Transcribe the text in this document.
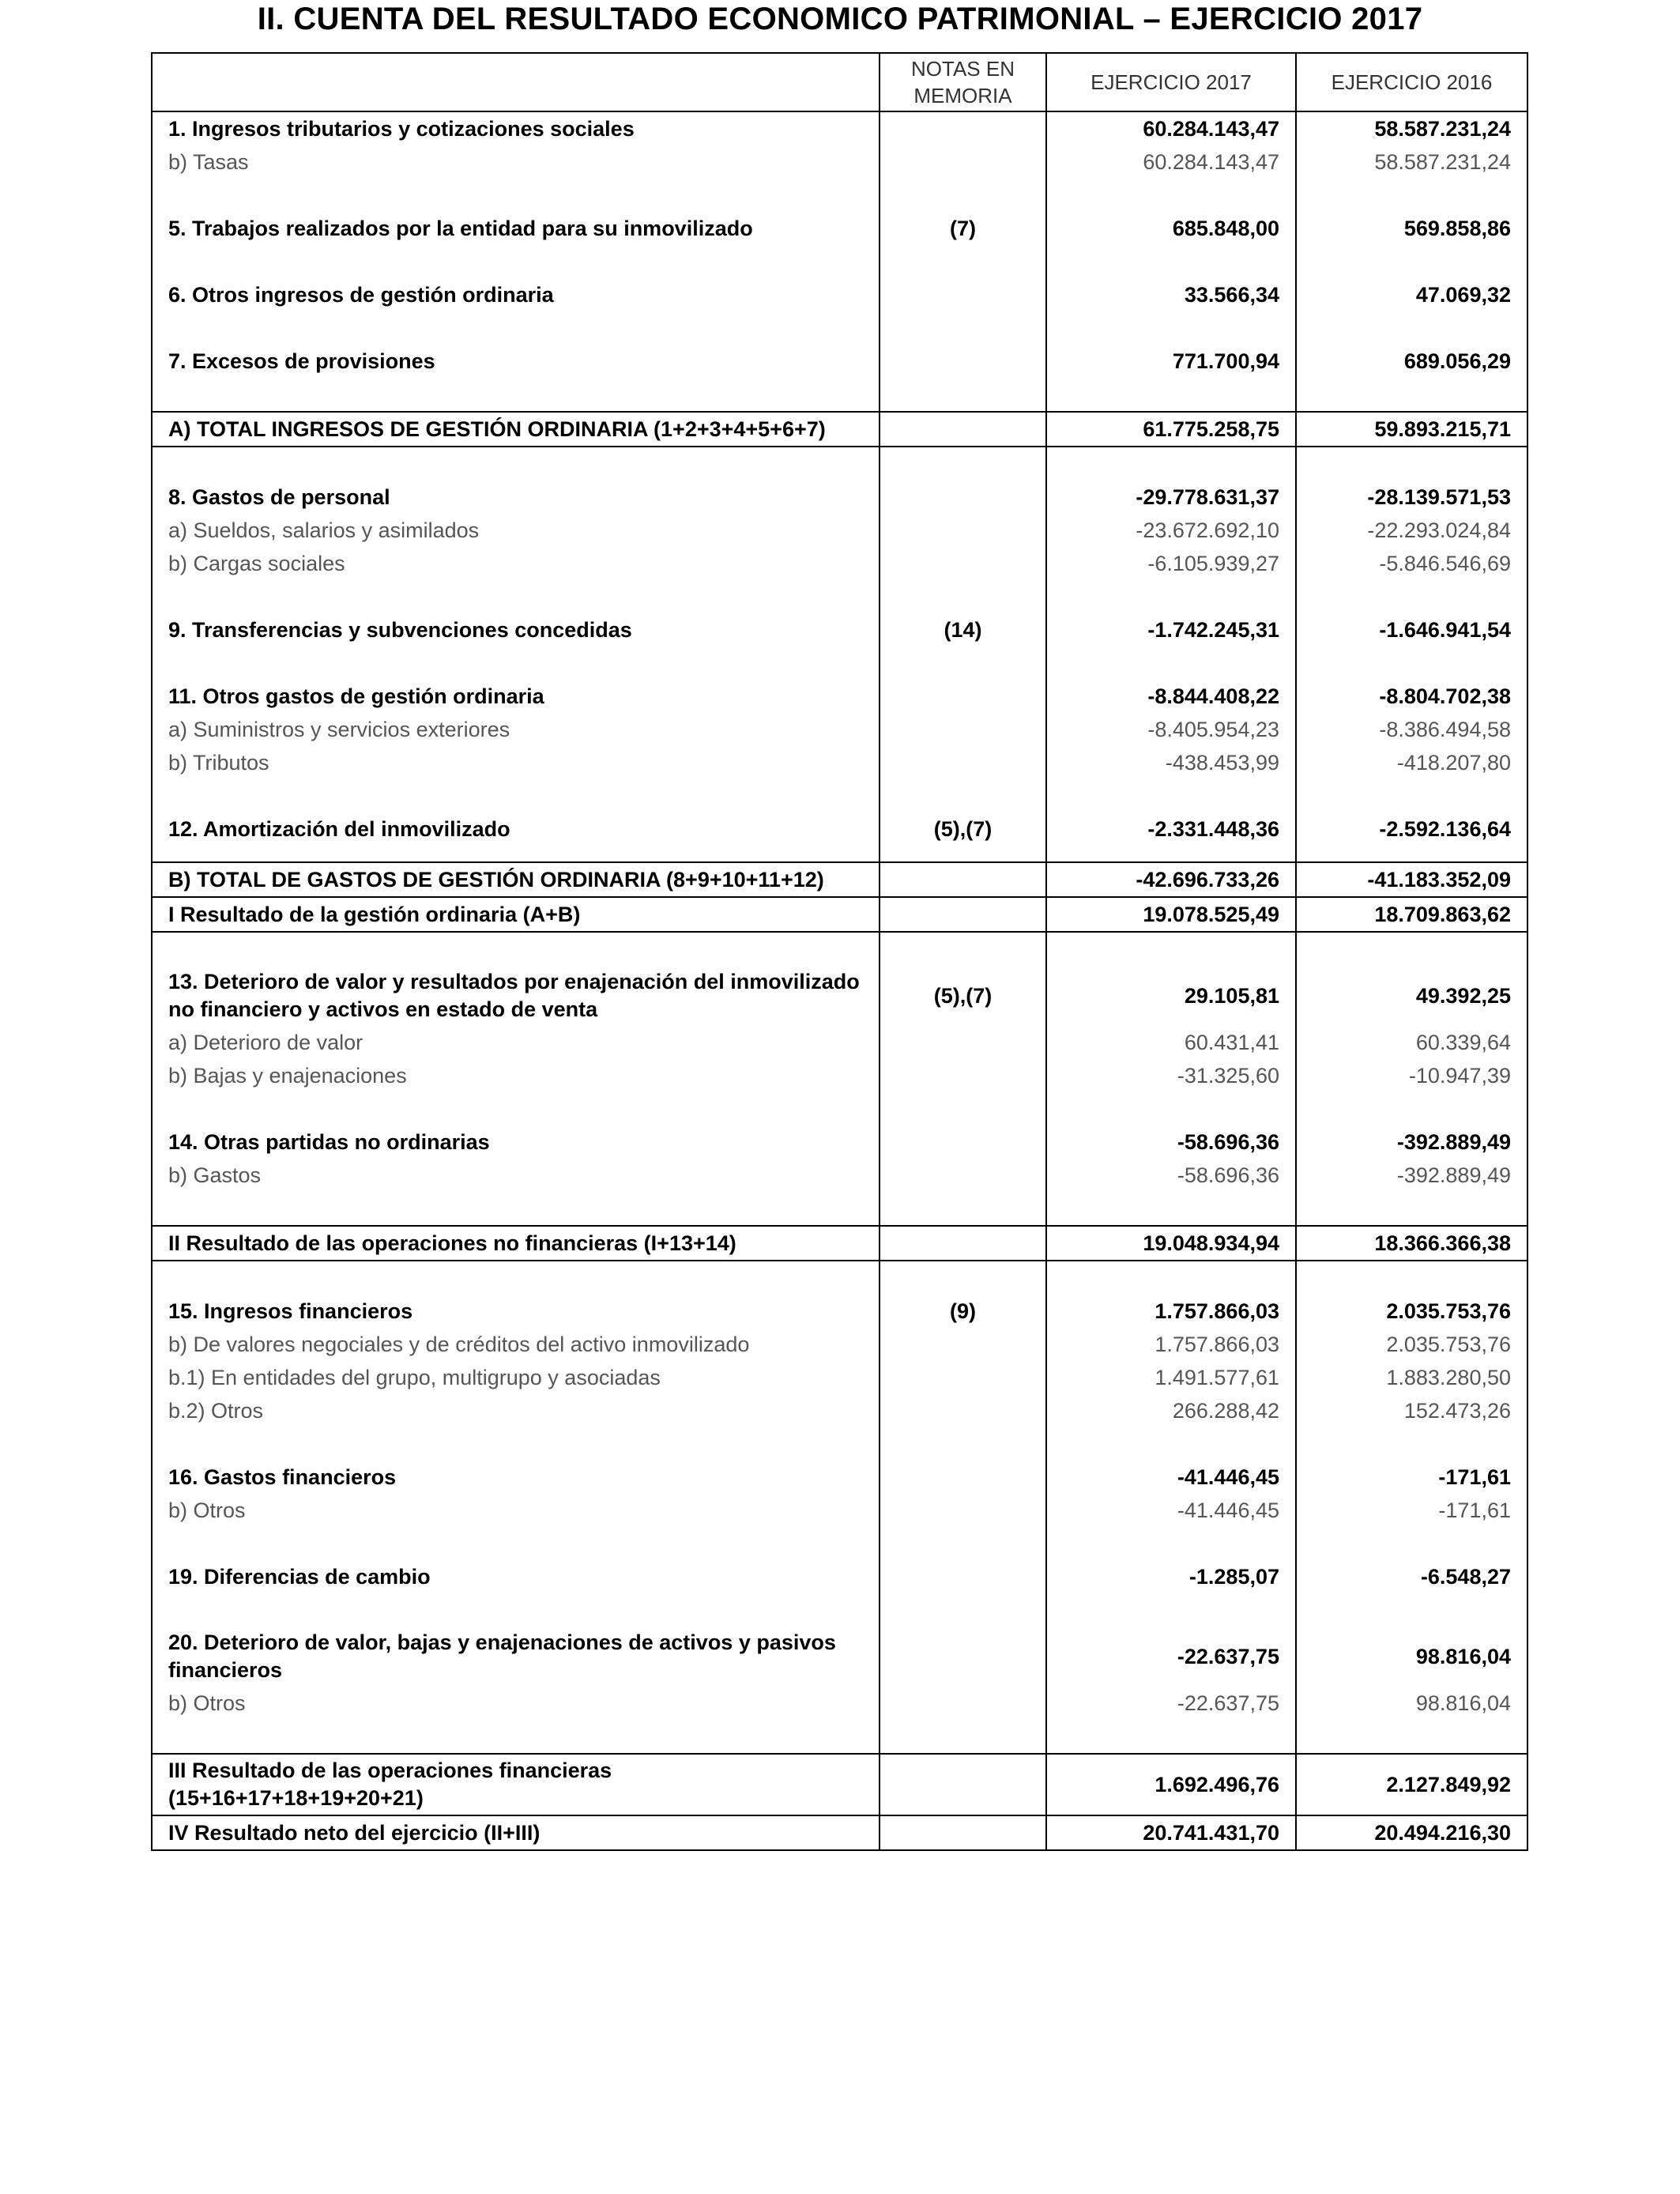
II. CUENTA DEL RESULTADO ECONOMICO PATRIMONIAL – EJERCICIO 2017

	NOTAS EN MEMORIA	EJERCICIO 2017	EJERCICIO 2016
1. Ingresos tributarios y cotizaciones sociales		60.284.143,47	58.587.231,24
b) Tasas		60.284.143,47	58.587.231,24

5. Trabajos realizados por la entidad para su inmovilizado	(7)	685.848,00	569.858,86

6. Otros ingresos de gestión ordinaria		33.566,34	47.069,32

7. Excesos de provisiones		771.700,94	689.056,29

A) TOTAL INGRESOS DE GESTIÓN ORDINARIA (1+2+3+4+5+6+7)		61.775.258,75	59.893.215,71

8. Gastos de personal		-29.778.631,37	-28.139.571,53
a) Sueldos, salarios y asimilados		-23.672.692,10	-22.293.024,84
b) Cargas sociales		-6.105.939,27	-5.846.546,69

9. Transferencias y subvenciones concedidas	(14)	-1.742.245,31	-1.646.941,54

11. Otros gastos de gestión ordinaria		-8.844.408,22	-8.804.702,38
a) Suministros y servicios exteriores		-8.405.954,23	-8.386.494,58
b) Tributos		-438.453,99	-418.207,80

12. Amortización del inmovilizado	(5),(7)	-2.331.448,36	-2.592.136,64

B) TOTAL DE GASTOS DE GESTIÓN ORDINARIA (8+9+10+11+12)		-42.696.733,26	-41.183.352,09
I Resultado de la gestión ordinaria (A+B)		19.078.525,49	18.709.863,62

13. Deterioro de valor y resultados por enajenación del inmovilizado no financiero y activos en estado de venta	(5),(7)	29.105,81	49.392,25
a) Deterioro de valor		60.431,41	60.339,64
b) Bajas y enajenaciones		-31.325,60	-10.947,39

14. Otras partidas no ordinarias		-58.696,36	-392.889,49
b) Gastos		-58.696,36	-392.889,49

II Resultado de las operaciones no financieras (I+13+14)		19.048.934,94	18.366.366,38

15. Ingresos financieros	(9)	1.757.866,03	2.035.753,76
b) De valores negociales y de créditos del activo inmovilizado		1.757.866,03	2.035.753,76
b.1) En entidades del grupo, multigrupo y asociadas		1.491.577,61	1.883.280,50
b.2) Otros		266.288,42	152.473,26

16. Gastos financieros		-41.446,45	-171,61
b) Otros		-41.446,45	-171,61

19. Diferencias de cambio		-1.285,07	-6.548,27

20. Deterioro de valor, bajas y enajenaciones de activos y pasivos financieros		-22.637,75	98.816,04
b) Otros		-22.637,75	98.816,04

III Resultado de las operaciones financieras (15+16+17+18+19+20+21)		1.692.496,76	2.127.849,92
IV Resultado neto del ejercicio (II+III)		20.741.431,70	20.494.216,30
